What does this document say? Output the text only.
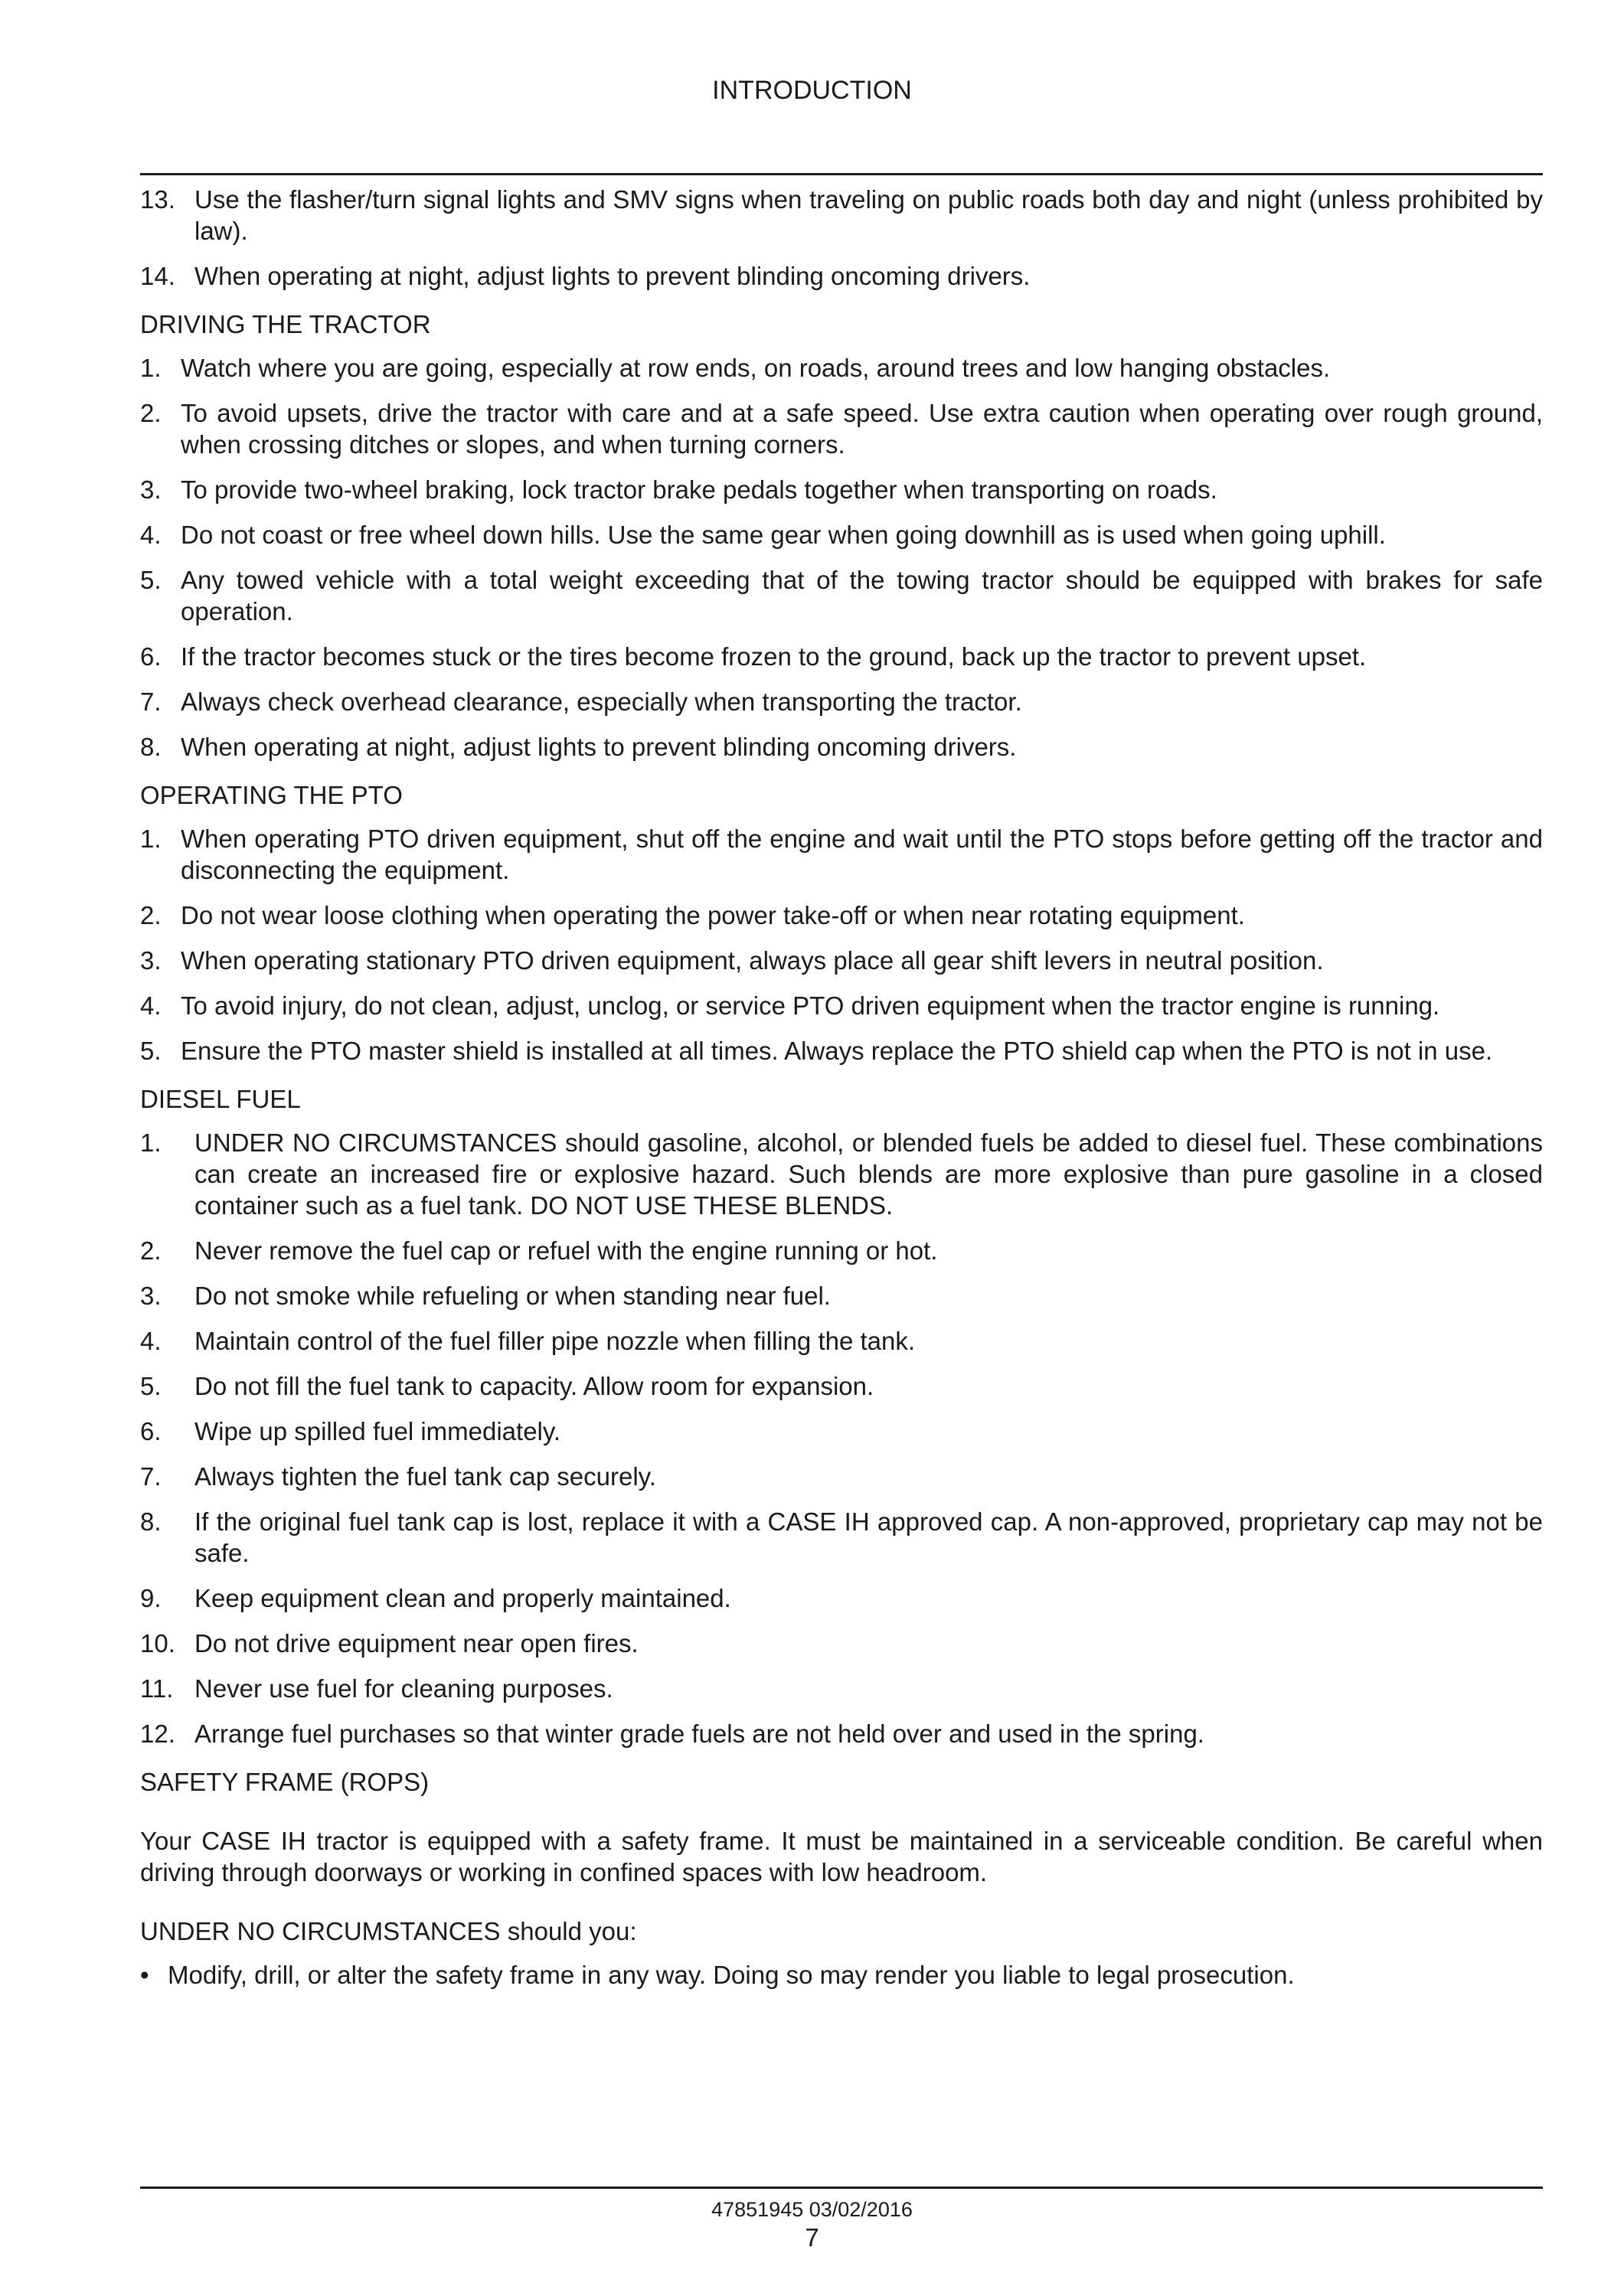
INTRODUCTION
13. Use the flasher/turn signal lights and SMV signs when traveling on public roads both day and night (unless prohibited by law).
14. When operating at night, adjust lights to prevent blinding oncoming drivers.
DRIVING THE TRACTOR
1. Watch where you are going, especially at row ends, on roads, around trees and low hanging obstacles.
2. To avoid upsets, drive the tractor with care and at a safe speed. Use extra caution when operating over rough ground, when crossing ditches or slopes, and when turning corners.
3. To provide two-wheel braking, lock tractor brake pedals together when transporting on roads.
4. Do not coast or free wheel down hills. Use the same gear when going downhill as is used when going uphill.
5. Any towed vehicle with a total weight exceeding that of the towing tractor should be equipped with brakes for safe operation.
6. If the tractor becomes stuck or the tires become frozen to the ground, back up the tractor to prevent upset.
7. Always check overhead clearance, especially when transporting the tractor.
8. When operating at night, adjust lights to prevent blinding oncoming drivers.
OPERATING THE PTO
1. When operating PTO driven equipment, shut off the engine and wait until the PTO stops before getting off the tractor and disconnecting the equipment.
2. Do not wear loose clothing when operating the power take-off or when near rotating equipment.
3. When operating stationary PTO driven equipment, always place all gear shift levers in neutral position.
4. To avoid injury, do not clean, adjust, unclog, or service PTO driven equipment when the tractor engine is running.
5. Ensure the PTO master shield is installed at all times. Always replace the PTO shield cap when the PTO is not in use.
DIESEL FUEL
1.	UNDER NO CIRCUMSTANCES should gasoline, alcohol, or blended fuels be added to diesel fuel. These combinations can create an increased fire or explosive hazard. Such blends are more explosive than pure gasoline in a closed container such as a fuel tank. DO NOT USE THESE BLENDS.
2.	Never remove the fuel cap or refuel with the engine running or hot.
3.	Do not smoke while refueling or when standing near fuel.
4.	Maintain control of the fuel filler pipe nozzle when filling the tank.
5.	Do not fill the fuel tank to capacity. Allow room for expansion.
6.	Wipe up spilled fuel immediately.
7.	Always tighten the fuel tank cap securely.
8.	If the original fuel tank cap is lost, replace it with a CASE IH approved cap. A non-approved, proprietary cap may not be safe.
9.	Keep equipment clean and properly maintained.
10. Do not drive equipment near open fires.
11. Never use fuel for cleaning purposes.
12. Arrange fuel purchases so that winter grade fuels are not held over and used in the spring.
SAFETY FRAME (ROPS)
Your CASE IH tractor is equipped with a safety frame. It must be maintained in a serviceable condition. Be careful when driving through doorways or working in confined spaces with low headroom.
UNDER NO CIRCUMSTANCES should you:
• Modify, drill, or alter the safety frame in any way. Doing so may render you liable to legal prosecution.
47851945 03/02/2016
7
